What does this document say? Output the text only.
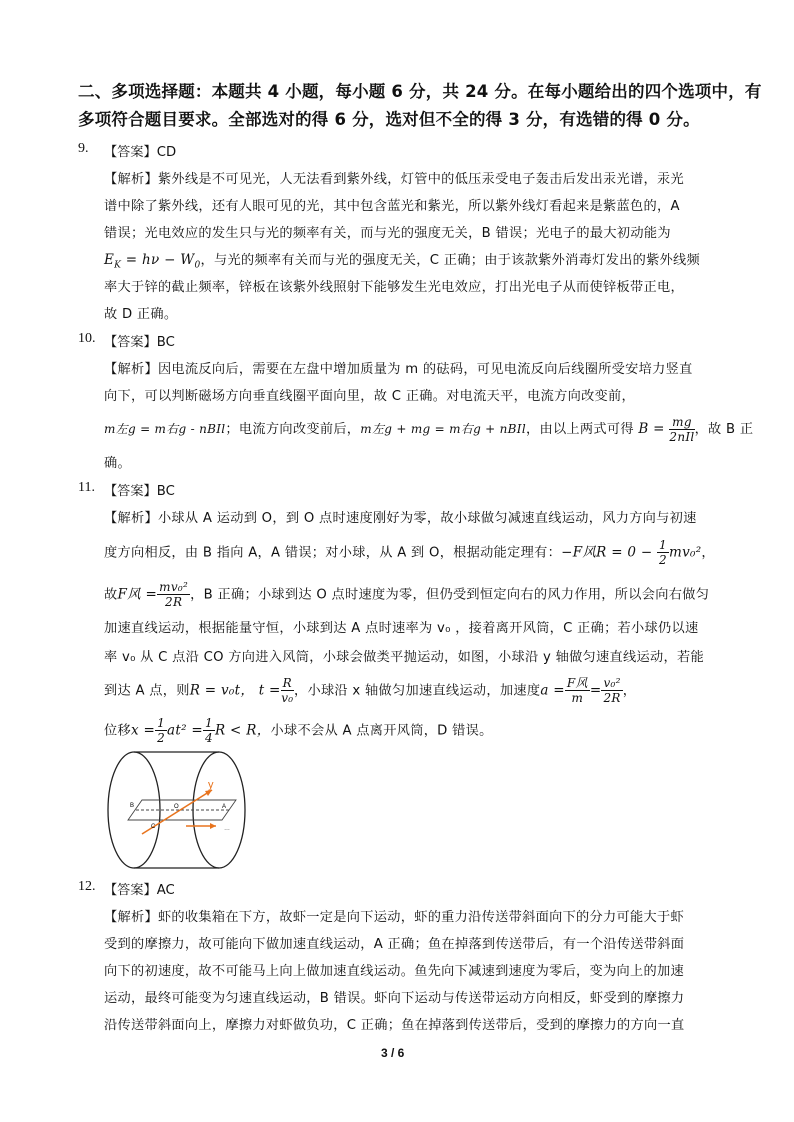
二、多项选择题：本题共 4 小题，每小题 6 分，共 24 分。在每小题给出的四个选项中，有
多项符合题目要求。全部选对的得 6 分，选对但不全的得 3 分，有选错的得 0 分。
9. 【答案】CD
【解析】紫外线是不可见光，人无法看到紫外线，灯管中的低压汞受电子轰击后发出汞光谱，汞光
谱中除了紫外线，还有人眼可见的光，其中包含蓝光和紫光，所以紫外线灯看起来是紫蓝色的，A
错误；光电效应的发生只与光的频率有关，而与光的强度无关，B 错误；光电子的最大初动能为
$E_K = h\nu - W_0$，与光的频率有关而与光的强度无关，C 正确；由于该款紫外消毒灯发出的紫外线频
率大于锌的截止频率，锌板在该紫外线照射下能够发生光电效应，打出光电子从而使锌板带正电，
故 D 正确。
10. 【答案】BC
【解析】因电流反向后，需要在左盘中增加质量为 m 的砝码，可见电流反向后线圈所受安培力竖直
向下，可以判断磁场方向垂直线圈平面向里，故 C 正确。对电流天平，电流方向改变前，
m左g = m右g - nBIl；电流方向改变前后，m左g + mg = m右g + nBIl，由以上两式可得 $B = \frac{mg}{\text{2nIl}}$ ，故 B 正
确。
11. 【答案】BC
【解析】小球从 A 运动到 O，到 O 点时速度刚好为零，故小球做匀减速直线运动，风力方向与初速
度方向相反，由 B 指向 A，A 错误；对小球，从 A 到 O，根据动能定理有：−F风$R = 0 - \frac{1}{2} mv_0^2$，
故F风 = $\frac{\text{mv₀²}}{2R}$ ，B 正确；小球到达 O 点时速度为零，但仍受到恒定向右的风力作用，所以会向右做匀
加速直线运动，根据能量守恒，小球到达 A 点时速率为 v₀ ，接着离开风筒，C 正确；若小球仍以速
率 v₀ 从 C 点沿 CO 方向进入风筒，小球会做类平抛运动，如图，小球沿 y 轴做匀速直线运动，若能
到达 A 点，则R = v₀t， $t = \frac{R}{\text{v₀}}$ ，小球沿 x 轴做匀加速直线运动，加速度$a = \frac{\text{F风}}{m} = \frac{\text{v₀²}}{2R}$ ，
位移$x = \frac{1}{2} at^2 = \frac{1}{4}$ R < R，小球不会从 A 点离开风筒，D 错误。
B	O	A
C
y
…
12. 【答案】AC
【解析】虾的收集箱在下方，故虾一定是向下运动，虾的重力沿传送带斜面向下的分力可能大于虾
受到的摩擦力，故可能向下做加速直线运动，A 正确；鱼在掉落到传送带后，有一个沿传送带斜面
向下的初速度，故不可能马上向上做加速直线运动。鱼先向下减速到速度为零后，变为向上的加速
运动，最终可能变为匀速直线运动，B 错误。虾向下运动与传送带运动方向相反，虾受到的摩擦力
沿传送带斜面向上，摩擦力对虾做负功，C 正确；鱼在掉落到传送带后，受到的摩擦力的方向一直
3 / 6
